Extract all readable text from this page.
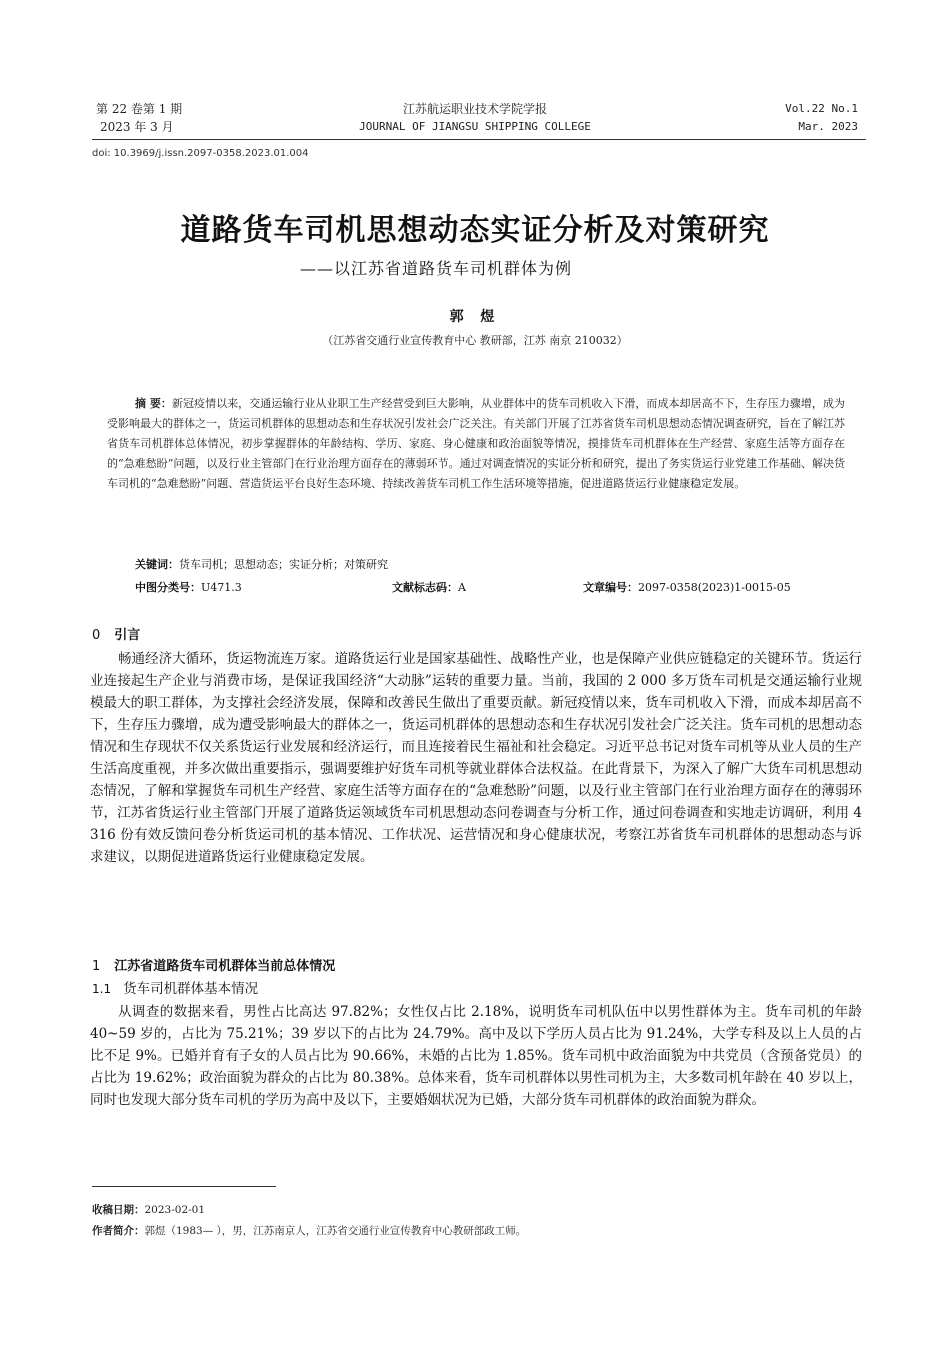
第 22 卷第 1 期
2023 年 3 月
江苏航运职业技术学院学报
JOURNAL OF JIANGSU SHIPPING COLLEGE
Vol.22 No.1
Mar. 2023
doi: 10.3969/j.issn.2097-0358.2023.01.004
道路货车司机思想动态实证分析及对策研究
——以江苏省道路货车司机群体为例
郭 煜
（江苏省交通行业宣传教育中心 教研部，江苏 南京 210032）
摘 要：新冠疫情以来，交通运输行业从业职工生产经营受到巨大影响，从业群体中的货车司机收入下滑，而成本却居高不下，生存压力骤增，成为受影响最大的群体之一，货运司机群体的思想动态和生存状况引发社会广泛关注。有关部门开展了江苏省货车司机思想动态情况调查研究，旨在了解江苏省货车司机群体总体情况，初步掌握群体的年龄结构、学历、家庭、身心健康和政治面貌等情况，摸排货车司机群体在生产经营、家庭生活等方面存在的“急难愁盼”问题，以及行业主管部门在行业治理方面存在的薄弱环节。通过对调查情况的实证分析和研究，提出了务实货运行业党建工作基础、解决货车司机的“急难愁盼”问题、营造货运平台良好生态环境、持续改善货车司机工作生活环境等措施，促进道路货运行业健康稳定发展。
关键词：货车司机；思想动态；实证分析；对策研究
中图分类号：U471.3	文献标志码：A	文章编号：2097-0358(2023)1-0015-05
0 引言

畅通经济大循环，货运物流连万家。道路货运行业是国家基础性、战略性产业，也是保障产业供应链稳定的关键环节。货运行业连接起生产企业与消费市场，是保证我国经济“大动脉”运转的重要力量。当前，我国的 2 000 多万货车司机是交通运输行业规模最大的职工群体，为支撑社会经济发展，保障和改善民生做出了重要贡献。新冠疫情以来，货车司机收入下滑，而成本却居高不下，生存压力骤增，成为遭受影响最大的群体之一，货运司机群体的思想动态和生存状况引发社会广泛关注。货车司机的思想动态情况和生存现状不仅关系货运行业发展和经济运行，而且连接着民生福祉和社会稳定。习近平总书记对货车司机等从业人员的生产生活高度重视，并多次做出重要指示，强调要维护好货车司机等就业群体合法权益。在此背景下，为深入了解广大货车司机思想动态情况，了解和掌握货车司机生产经营、家庭生活等方面存在的“急难愁盼”问题，以及行业主管部门在行业治理方面存在的薄弱环节，江苏省货运行业主管部门开展了道路货运领域货车司机思想动态问卷调查与分析工作，通过问卷调查和实地走访调研，利用 4 316 份有效反馈问卷分析货运司机的基本情况、工作状况、运营情况和身心健康状况，考察江苏省货车司机群体的思想动态与诉求建议，以期促进道路货运行业健康稳定发展。

1 江苏省道路货车司机群体当前总体情况
1.1 货车司机群体基本情况

从调查的数据来看，男性占比高达 97.82%；女性仅占比 2.18%，说明货车司机队伍中以男性群体为主。货车司机的年龄 40~59 岁的，占比为 75.21%；39 岁以下的占比为 24.79%。高中及以下学历人员占比为 91.24%，大学专科及以上人员的占比不足 9%。已婚并育有子女的人员占比为 90.66%，未婚的占比为 1.85%。货车司机中政治面貌为中共党员（含预备党员）的占比为 19.62%；政治面貌为群众的占比为 80.38%。总体来看，货车司机群体以男性司机为主，大多数司机年龄在 40 岁以上，同时也发现大部分货车司机的学历为高中及以下，主要婚姻状况为已婚，大部分货车司机群体的政治面貌为群众。

收稿日期：2023-02-01
作者简介：郭煜（1983— ），男，江苏南京人，江苏省交通行业宣传教育中心教研部政工师。
